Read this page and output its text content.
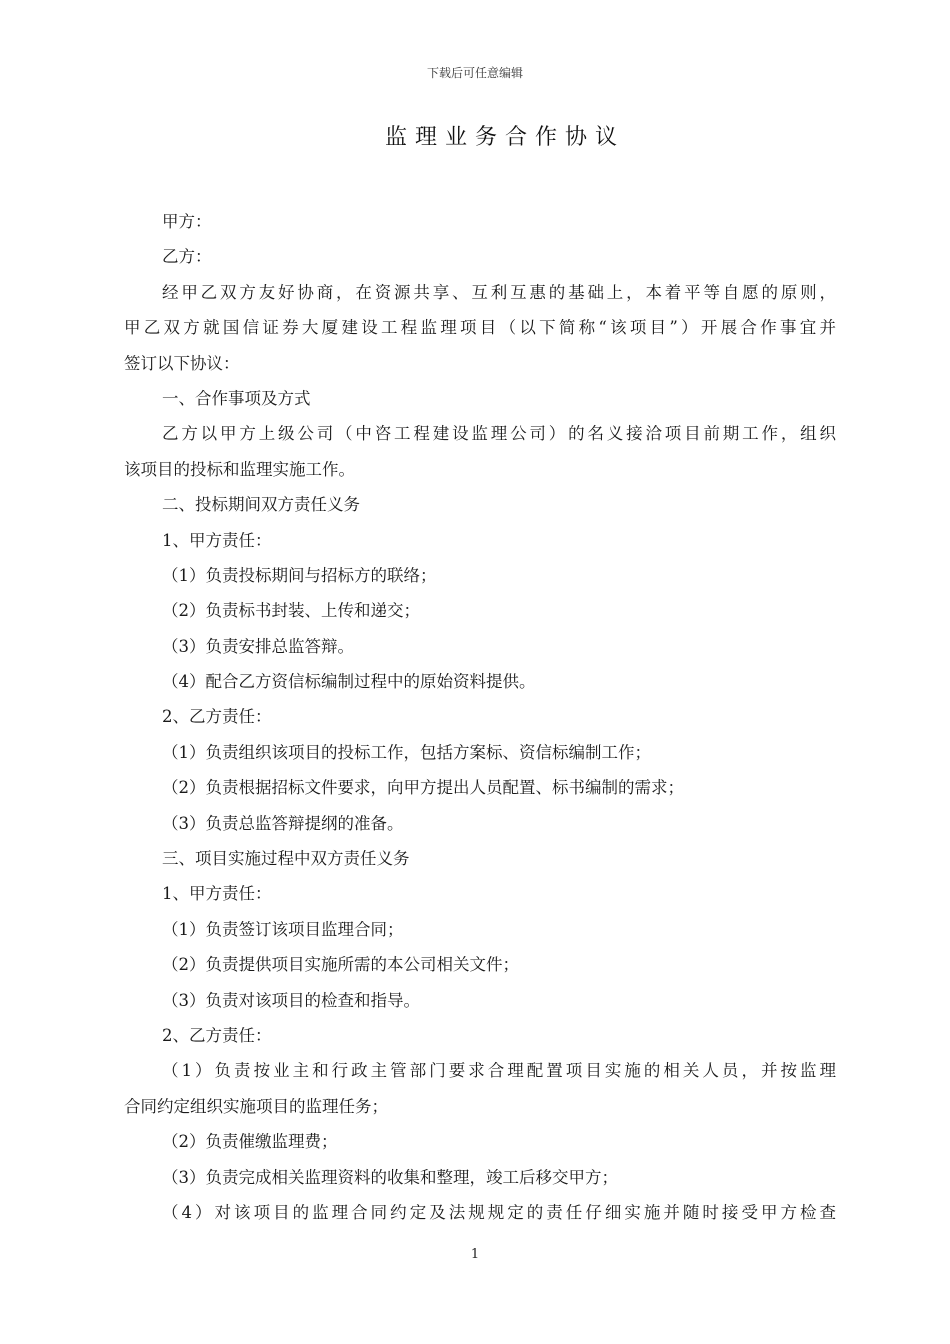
下载后可任意编辑
监理业务合作协议
甲方：
乙方：
经甲乙双方友好协商，在资源共享、互利互惠的基础上，本着平等自愿的原则，
甲乙双方就国信证券大厦建设工程监理项目（以下简称“该项目”）开展合作事宜并
签订以下协议：
一、合作事项及方式
乙方以甲方上级公司（中咨工程建设监理公司）的名义接洽项目前期工作，组织
该项目的投标和监理实施工作。
二、投标期间双方责任义务
1、甲方责任：
（1）负责投标期间与招标方的联络；
（2）负责标书封装、上传和递交；
（3）负责安排总监答辩。
（4）配合乙方资信标编制过程中的原始资料提供。
2、乙方责任：
（1）负责组织该项目的投标工作，包括方案标、资信标编制工作；
（2）负责根据招标文件要求，向甲方提出人员配置、标书编制的需求；
（3）负责总监答辩提纲的准备。
三、项目实施过程中双方责任义务
1、甲方责任：
（1）负责签订该项目监理合同；
（2）负责提供项目实施所需的本公司相关文件；
（3）负责对该项目的检查和指导。
2、乙方责任：
（1）负责按业主和行政主管部门要求合理配置项目实施的相关人员，并按监理
合同约定组织实施项目的监理任务；
（2）负责催缴监理费；
（3）负责完成相关监理资料的收集和整理，竣工后移交甲方；
（4）对该项目的监理合同约定及法规规定的责任仔细实施并随时接受甲方检查
1
